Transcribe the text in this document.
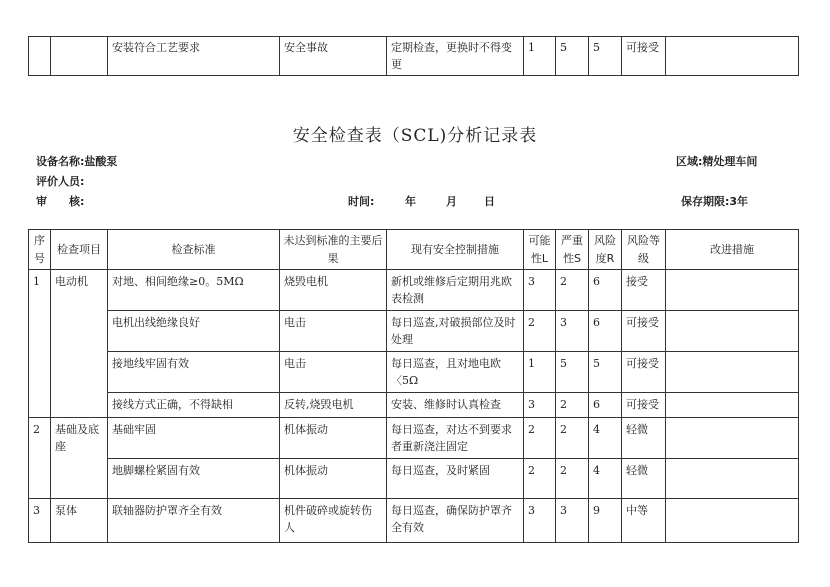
		安装符合工艺要求	安全事故	定期检查，更换时不得变更	1	5	5	可接受	
安全检查表（SCL)分析记录表
设备名称:盐酸泵	区域:精处理车间
评价人员:
审　　核:	时间:	年	月 日	保存期限:3年
序号	检查项目	检查标准	未达到标准的主要后果	现有安全控制措施	可能性L	严重性S	风险度R	风险等级	改进措施
1	电动机	对地、相间绝缘≥0。5MΩ	烧毁电机	新机或维修后定期用兆欧表检测	3	2	6	接受	
		电机出线绝缘良好	电击	每日巡查,对破损部位及时处理	2	3	6	可接受	
		接地线牢固有效	电击	每日巡查，且对地电欧〈5Ω	1	5	5	可接受	
		接线方式正确，不得缺相	反转,烧毁电机	安装、维修时认真检查	3	2	6	可接受	
2	基础及底座	基础牢固	机体振动	每日巡查，对达不到要求者重新浇注固定	2	2	4	轻微	
		地脚螺栓紧固有效	机体振动	每日巡查，及时紧固	2	2	4	轻微	
3	泵体	联轴器防护罩齐全有效	机件破碎或旋转伤人	每日巡查，确保防护罩齐全有效	3	3	9	中等	
